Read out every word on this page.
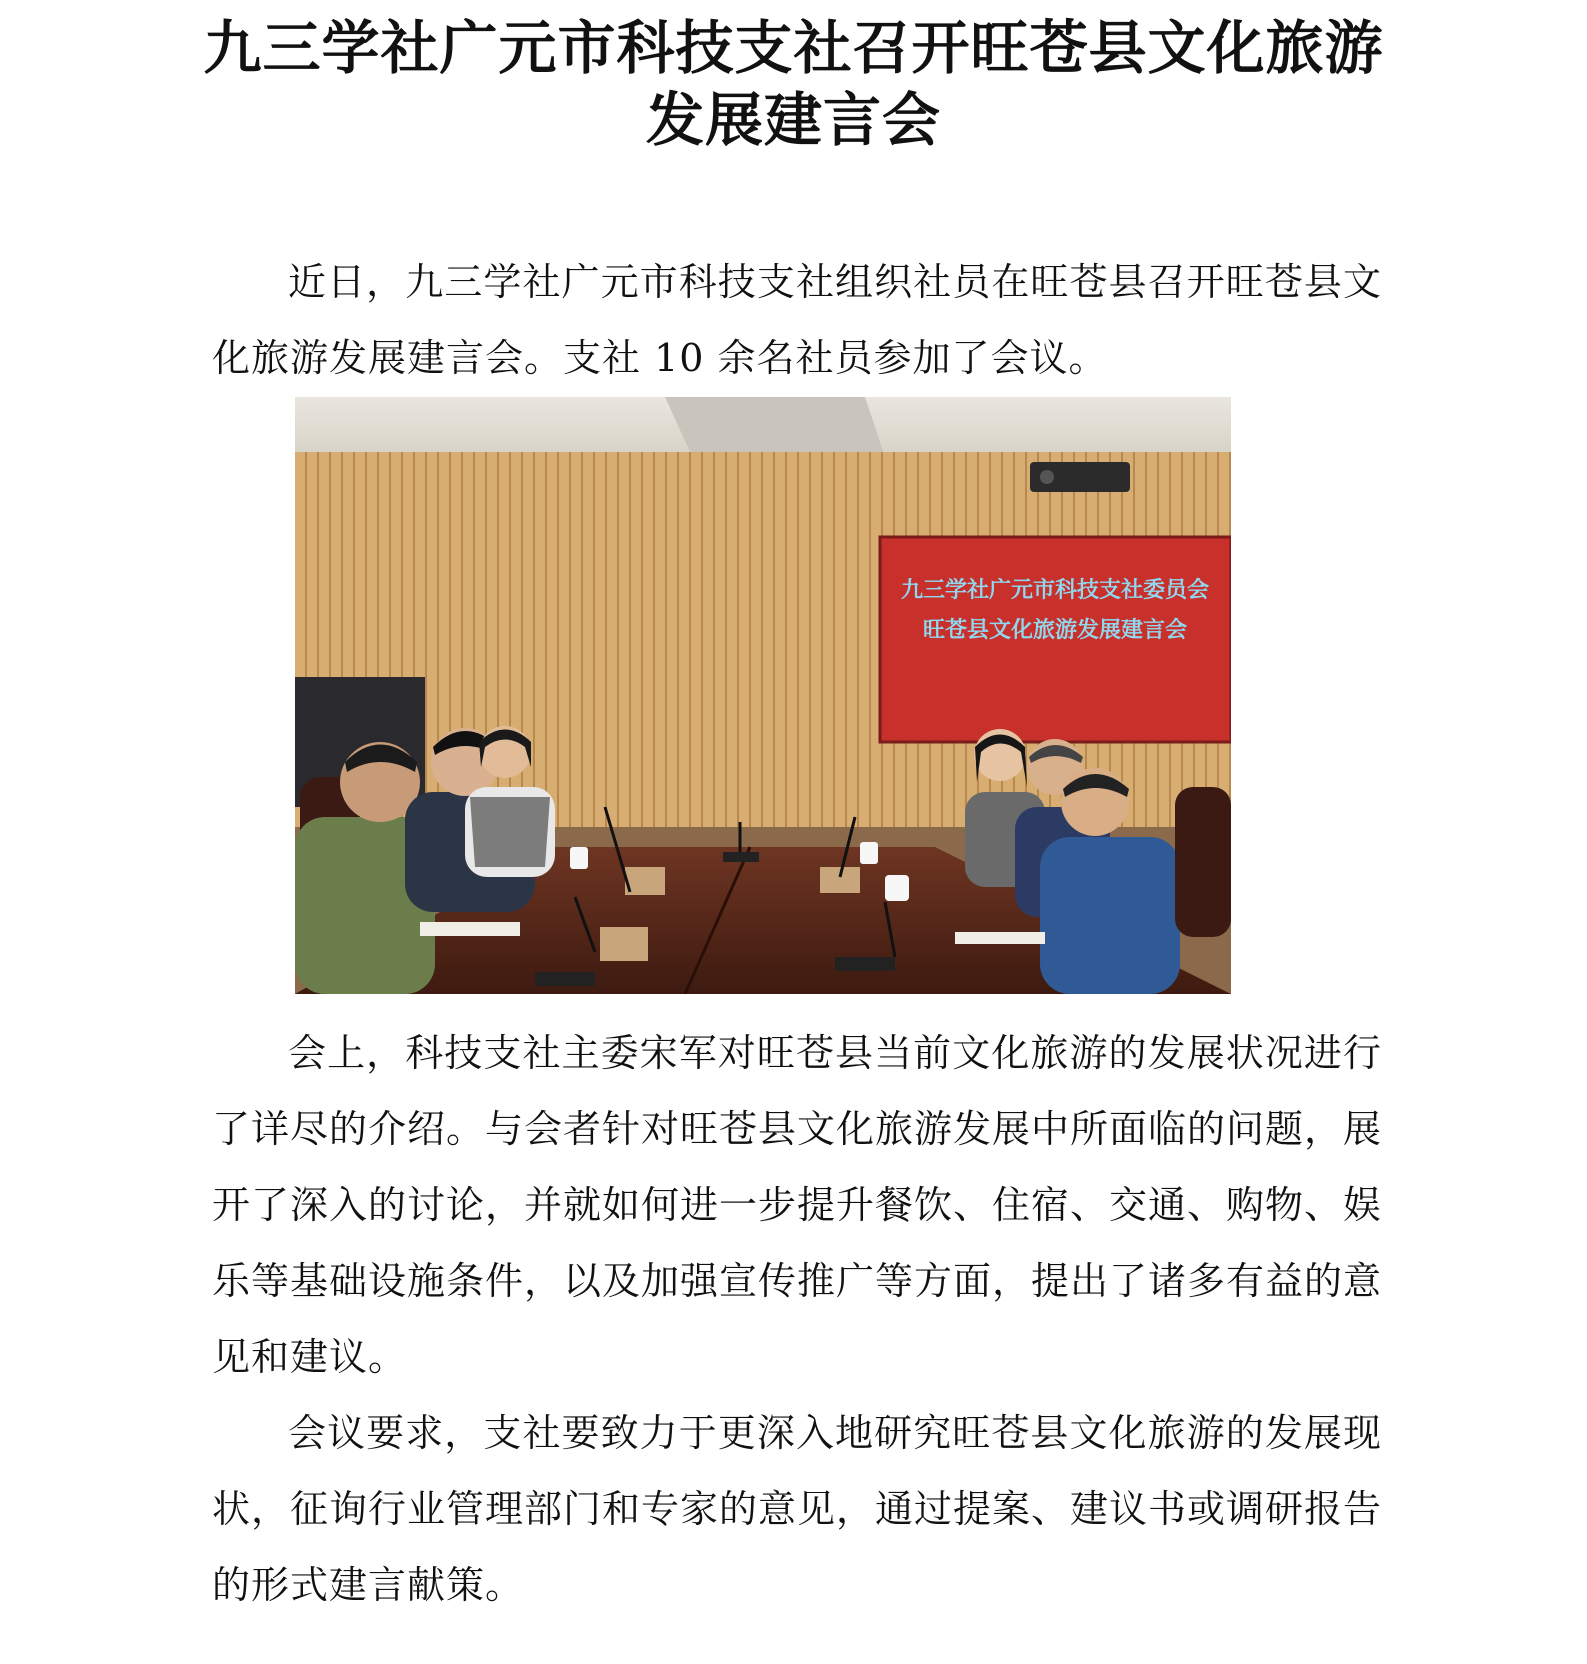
九三学社广元市科技支社召开旺苍县文化旅游
发展建言会

近日，九三学社广元市科技支社组织社员在旺苍县召开旺苍县文化旅游发展建言会。支社 10 余名社员参加了会议。

九三学社广元市科技支社委员会
旺苍县文化旅游发展建言会

会上，科技支社主委宋军对旺苍县当前文化旅游的发展状况进行了详尽的介绍。与会者针对旺苍县文化旅游发展中所面临的问题，展开了深入的讨论，并就如何进一步提升餐饮、住宿、交通、购物、娱乐等基础设施条件，以及加强宣传推广等方面，提出了诸多有益的意见和建议。

会议要求，支社要致力于更深入地研究旺苍县文化旅游的发展现状，征询行业管理部门和专家的意见，通过提案、建议书或调研报告的形式建言献策。
